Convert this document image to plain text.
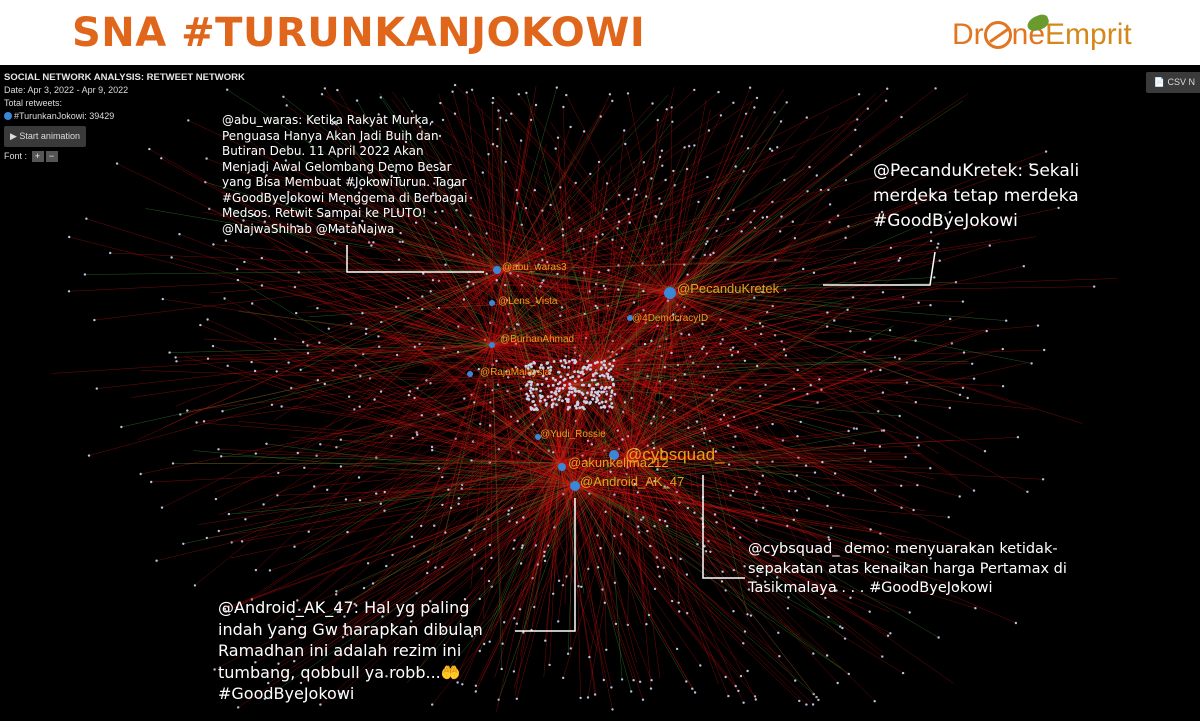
SNA #TURUNKANJOKOWI	Dr neEmprit
SOCIAL NETWORK ANALYSIS: RETWEET NETWORK
Date: Apr 3, 2022 - Apr 9, 2022
Total retweets:
#TurunkanJokowi: 39429
▶ Start animation
Font : + −
📄 CSV N
@abu_waras3
@PecanduKretek
@cybsquad_
@Android_AK_47
@akunkelima212
@4DemocracyID
@Lens_Vista
@BurhanAhmad
@RajaMalaysia
@Yudi_Rossie
@abu_waras: Ketika Rakyat Murka, Penguasa Hanya Akan Jadi Buih dan Butiran Debu. 11 April 2022 Akan Menjadi Awal Gelombang Demo Besar yang Bisa Membuat #JokowiTurun. Tagar #GoodByeJokowi Menggema di Berbagai Medsos. Retwit Sampai ke PLUTO! @NajwaShihab @MataNajwa
@PecanduKretek: Sekali merdeka tetap merdeka #GoodByeJokowi
@cybsquad_ demo: menyuarakan ketidak-sepakatan atas kenaikan harga Pertamax di Tasikmalaya . . . #GoodByeJokowi
@Android_AK_47: Hal yg paling indah yang Gw harapkan dibulan Ramadhan ini adalah rezim ini tumbang, qobbull ya robb...🤲 #GoodByeJokowi
